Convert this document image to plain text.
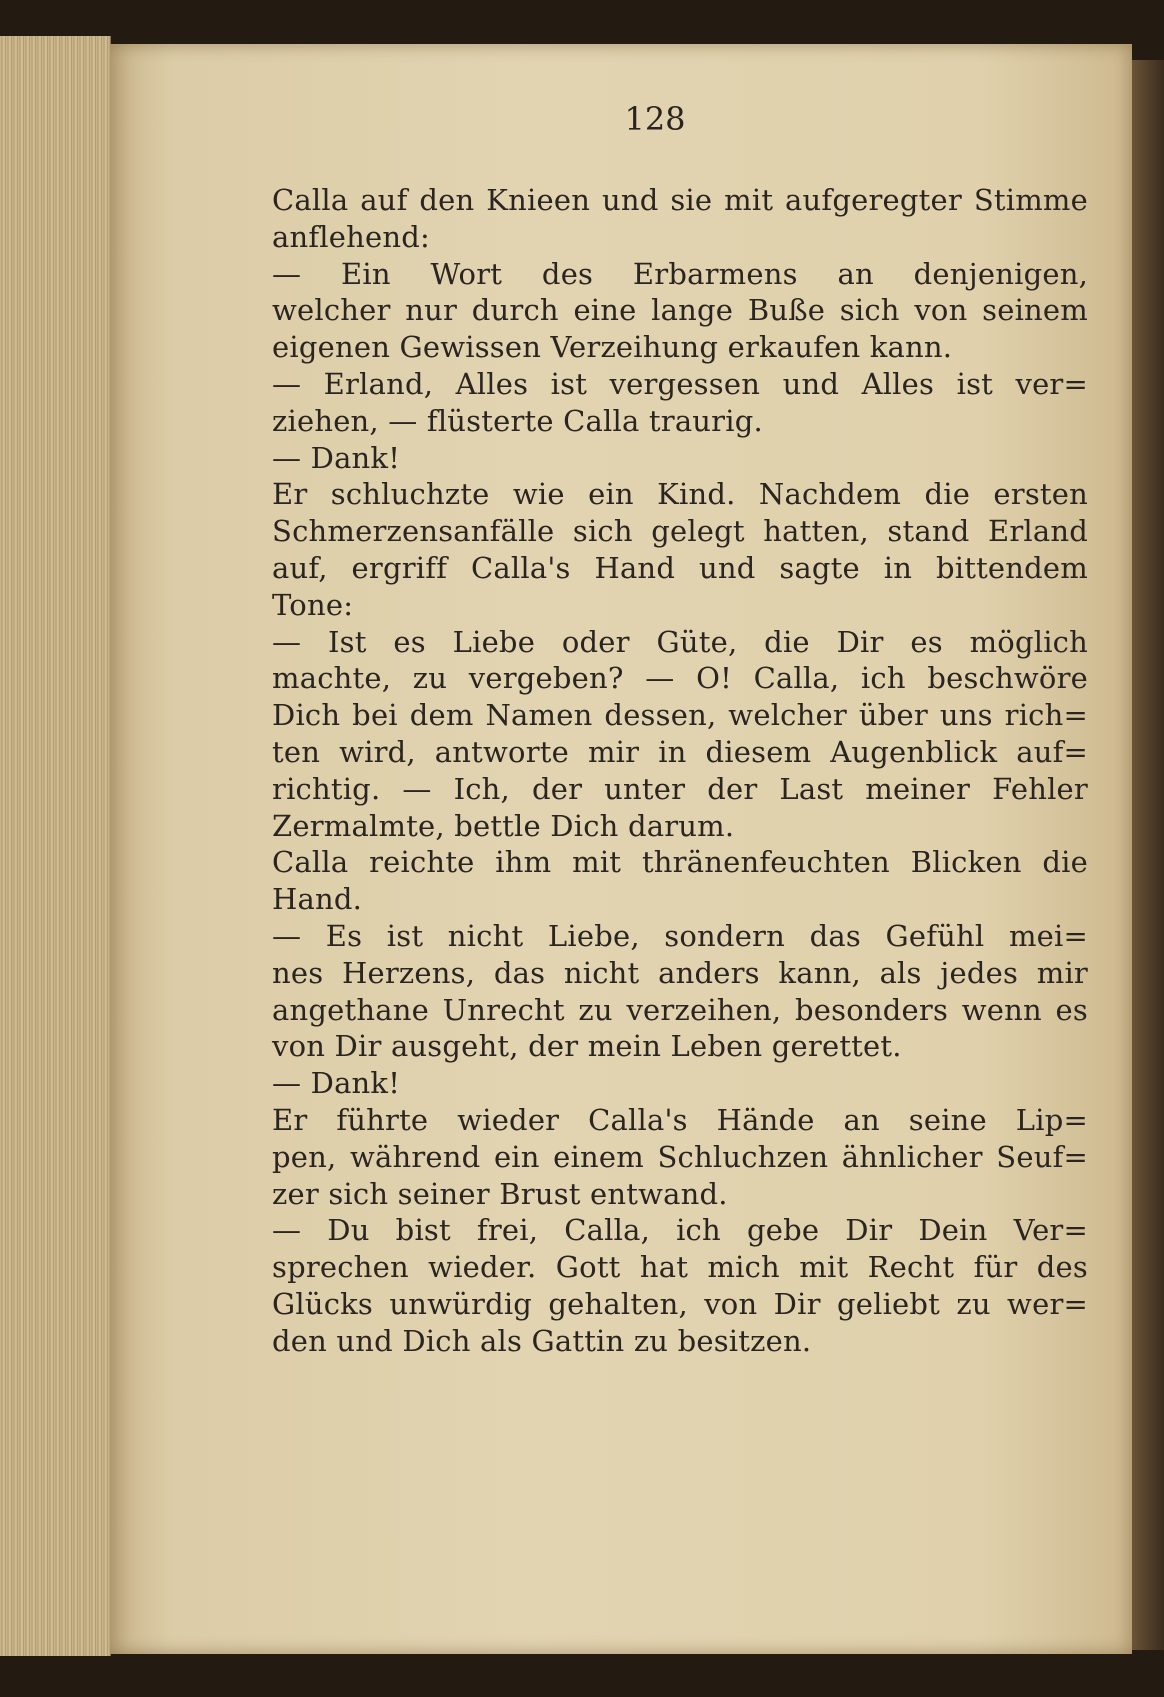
128
Calla auf den Knieen und sie mit aufgeregter Stimme
anflehend:
— Ein Wort des Erbarmens an denjenigen,
welcher nur durch eine lange Buße sich von seinem
eigenen Gewissen Verzeihung erkaufen kann.
— Erland, Alles ist vergessen und Alles ist ver=
ziehen, — flüsterte Calla traurig.
— Dank!
Er schluchzte wie ein Kind. Nachdem die ersten
Schmerzensanfälle sich gelegt hatten, stand Erland
auf, ergriff Calla's Hand und sagte in bittendem
Tone:
— Ist es Liebe oder Güte, die Dir es möglich
machte, zu vergeben? — O! Calla, ich beschwöre
Dich bei dem Namen dessen, welcher über uns rich=
ten wird, antworte mir in diesem Augenblick auf=
richtig. — Ich, der unter der Last meiner Fehler
Zermalmte, bettle Dich darum.
Calla reichte ihm mit thränenfeuchten Blicken die
Hand.
— Es ist nicht Liebe, sondern das Gefühl mei=
nes Herzens, das nicht anders kann, als jedes mir
angethane Unrecht zu verzeihen, besonders wenn es
von Dir ausgeht, der mein Leben gerettet.
— Dank!
Er führte wieder Calla's Hände an seine Lip=
pen, während ein einem Schluchzen ähnlicher Seuf=
zer sich seiner Brust entwand.
— Du bist frei, Calla, ich gebe Dir Dein Ver=
sprechen wieder. Gott hat mich mit Recht für des
Glücks unwürdig gehalten, von Dir geliebt zu wer=
den und Dich als Gattin zu besitzen.
